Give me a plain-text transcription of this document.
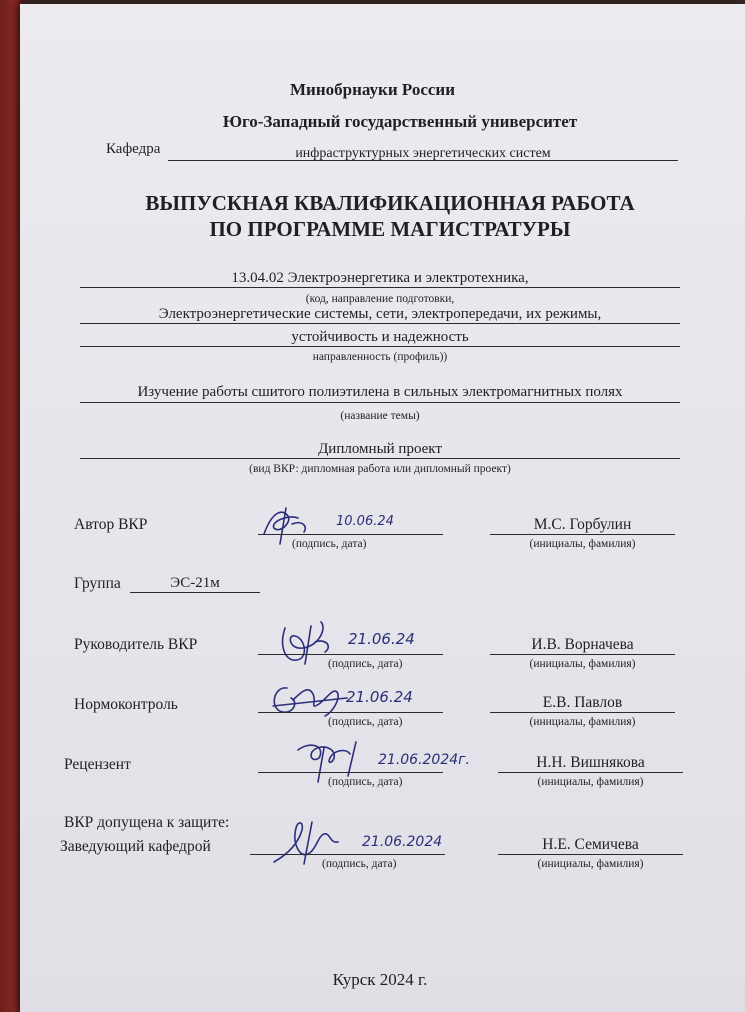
Минобрнауки России
Юго-Западный государственный университет
Кафедра	инфраструктурных энергетических систем
ВЫПУСКНАЯ КВАЛИФИКАЦИОННАЯ РАБОТА
ПО ПРОГРАММЕ МАГИСТРАТУРЫ
13.04.02 Электроэнергетика и электротехника,
(код, направление подготовки,
Электроэнергетические системы, сети, электропередачи, их режимы,
устойчивость и надежность
направленность (профиль))
Изучение работы сшитого полиэтилена в сильных электромагнитных полях
(название темы)
Дипломный проект
(вид ВКР: дипломная работа или дипломный проект)
Автор ВКР	10.06.24
(подпись, дата)
М.С. Горбулин
(инициалы, фамилия)
Группа	ЭС-21м
Руководитель ВКР	21.06.24
(подпись, дата)
И.В. Ворначева
(инициалы, фамилия)
Нормоконтроль	21.06.24
(подпись, дата)
Е.В. Павлов
(инициалы, фамилия)
Рецензент	21.06.2024г.
(подпись, дата)
Н.Н. Вишнякова
(инициалы, фамилия)
ВКР допущена к защите:
Заведующий кафедрой	21.06.2024
(подпись, дата)
Н.Е. Семичева
(инициалы, фамилия)
Курск 2024 г.
